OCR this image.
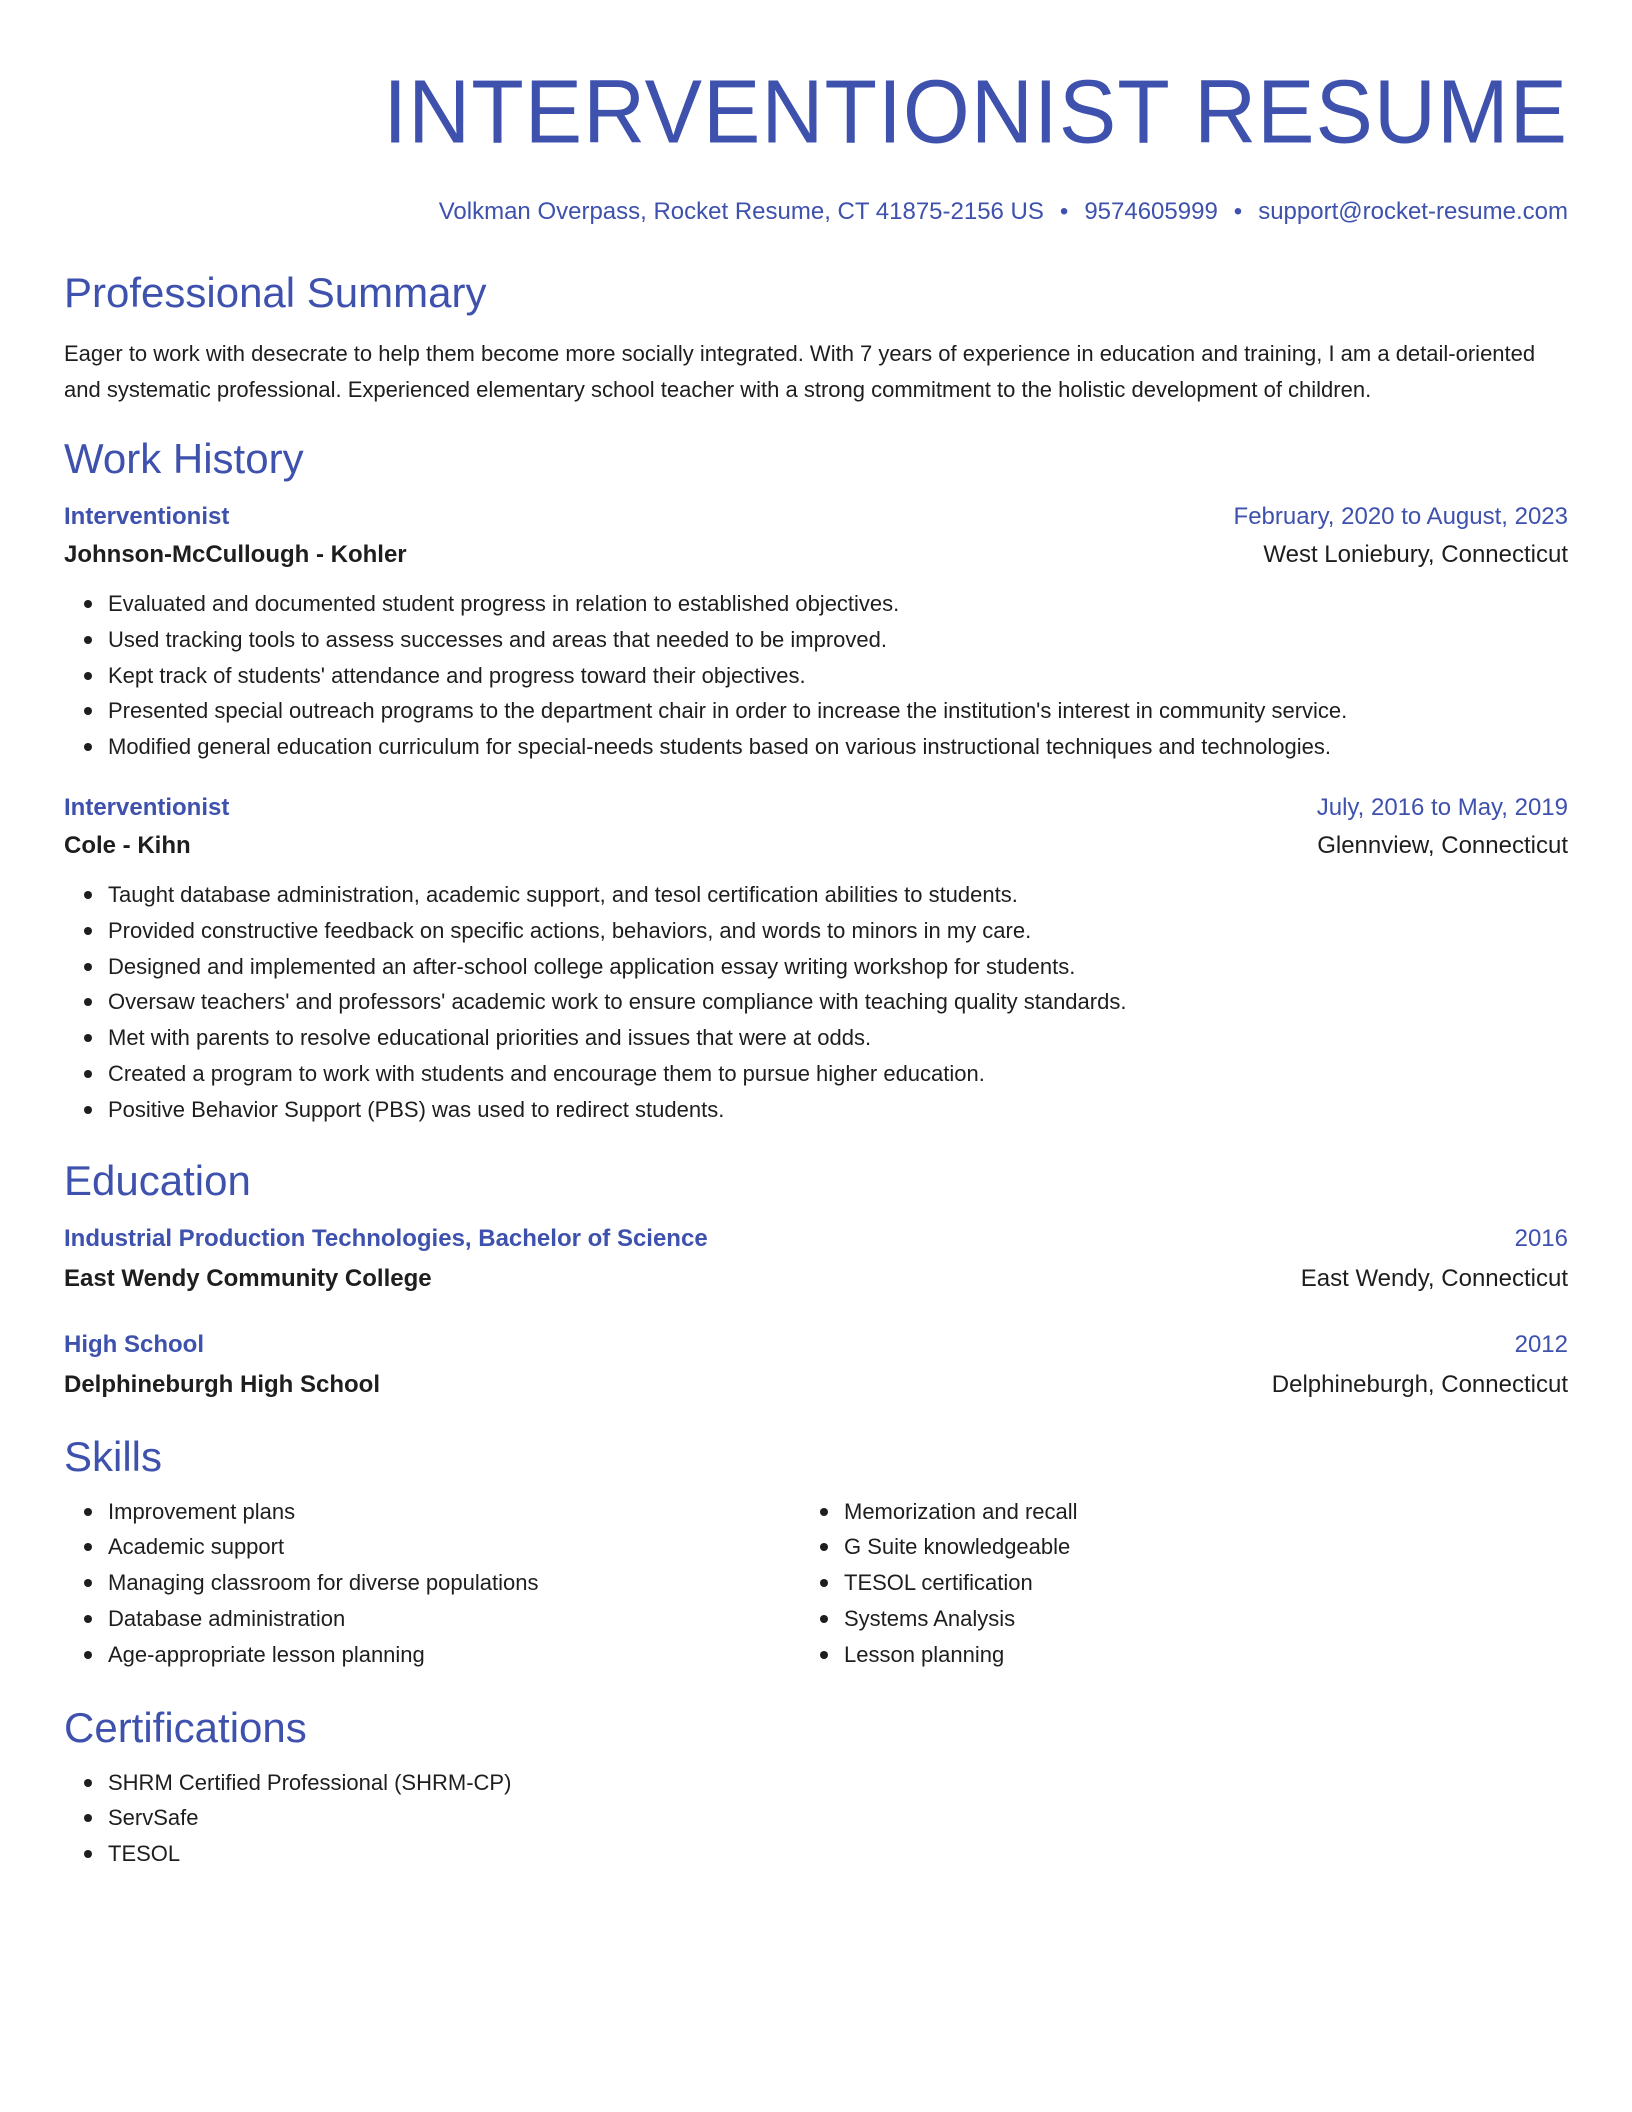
INTERVENTIONIST RESUME
Volkman Overpass, Rocket Resume, CT 41875-2156 US • 9574605999 • support@rocket-resume.com
Professional Summary

Eager to work with desecrate to help them become more socially integrated. With 7 years of experience in education and training, I am a detail-oriented and systematic professional. Experienced elementary school teacher with a strong commitment to the holistic development of children.

Work History
Interventionist	February, 2020 to August, 2023
Johnson-McCullough - Kohler	West Loniebury, Connecticut
Evaluated and documented student progress in relation to established objectives.
Used tracking tools to assess successes and areas that needed to be improved.
Kept track of students' attendance and progress toward their objectives.
Presented special outreach programs to the department chair in order to increase the institution's interest in community service.
Modified general education curriculum for special-needs students based on various instructional techniques and technologies.
Interventionist	July, 2016 to May, 2019
Cole - Kihn	Glennview, Connecticut
Taught database administration, academic support, and tesol certification abilities to students.
Provided constructive feedback on specific actions, behaviors, and words to minors in my care.
Designed and implemented an after-school college application essay writing workshop for students.
Oversaw teachers' and professors' academic work to ensure compliance with teaching quality standards.
Met with parents to resolve educational priorities and issues that were at odds.
Created a program to work with students and encourage them to pursue higher education.
Positive Behavior Support (PBS) was used to redirect students.
Education
Industrial Production Technologies, Bachelor of Science	2016
East Wendy Community College	East Wendy, Connecticut
High School	2012
Delphineburgh High School	Delphineburgh, Connecticut
Skills
Improvement plans
Academic support
Managing classroom for diverse populations
Database administration
Age-appropriate lesson planning
Memorization and recall
G Suite knowledgeable
TESOL certification
Systems Analysis
Lesson planning
Certifications
SHRM Certified Professional (SHRM-CP)
ServSafe
TESOL
